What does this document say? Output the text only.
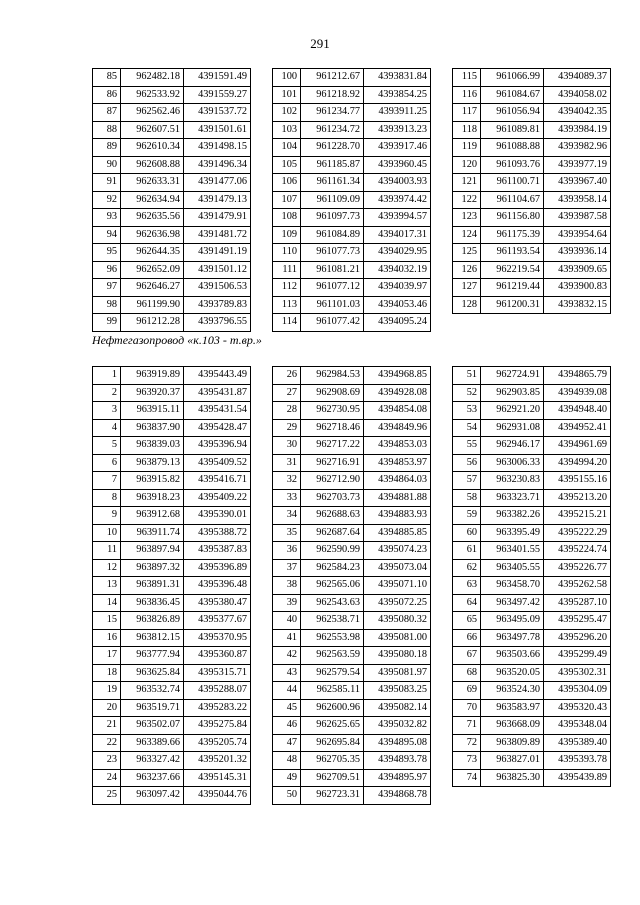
291
Нефтегазопровод «к.103 - т.вр.»
85	962482.18	4391591.49
86	962533.92	4391559.27
87	962562.46	4391537.72
88	962607.51	4391501.61
89	962610.34	4391498.15
90	962608.88	4391496.34
91	962633.31	4391477.06
92	962634.94	4391479.13
93	962635.56	4391479.91
94	962636.98	4391481.72
95	962644.35	4391491.19
96	962652.09	4391501.12
97	962646.27	4391506.53
98	961199.90	4393789.83
99	961212.28	4393796.55
100	961212.67	4393831.84
101	961218.92	4393854.25
102	961234.77	4393911.25
103	961234.72	4393913.23
104	961228.70	4393917.46
105	961185.87	4393960.45
106	961161.34	4394003.93
107	961109.09	4393974.42
108	961097.73	4393994.57
109	961084.89	4394017.31
110	961077.73	4394029.95
111	961081.21	4394032.19
112	961077.12	4394039.97
113	961101.03	4394053.46
114	961077.42	4394095.24
115	961066.99	4394089.37
116	961084.67	4394058.02
117	961056.94	4394042.35
118	961089.81	4393984.19
119	961088.88	4393982.96
120	961093.76	4393977.19
121	961100.71	4393967.40
122	961104.67	4393958.14
123	961156.80	4393987.58
124	961175.39	4393954.64
125	961193.54	4393936.14
126	962219.54	4393909.65
127	961219.44	4393900.83
128	961200.31	4393832.15
1	963919.89	4395443.49
2	963920.37	4395431.87
3	963915.11	4395431.54
4	963837.90	4395428.47
5	963839.03	4395396.94
6	963879.13	4395409.52
7	963915.82	4395416.71
8	963918.23	4395409.22
9	963912.68	4395390.01
10	963911.74	4395388.72
11	963897.94	4395387.83
12	963897.32	4395396.89
13	963891.31	4395396.48
14	963836.45	4395380.47
15	963826.89	4395377.67
16	963812.15	4395370.95
17	963777.94	4395360.87
18	963625.84	4395315.71
19	963532.74	4395288.07
20	963519.71	4395283.22
21	963502.07	4395275.84
22	963389.66	4395205.74
23	963327.42	4395201.32
24	963237.66	4395145.31
25	963097.42	4395044.76
26	962984.53	4394968.85
27	962908.69	4394928.08
28	962730.95	4394854.08
29	962718.46	4394849.96
30	962717.22	4394853.03
31	962716.91	4394853.97
32	962712.90	4394864.03
33	962703.73	4394881.88
34	962688.63	4394883.93
35	962687.64	4394885.85
36	962590.99	4395074.23
37	962584.23	4395073.04
38	962565.06	4395071.10
39	962543.63	4395072.25
40	962538.71	4395080.32
41	962553.98	4395081.00
42	962563.59	4395080.18
43	962579.54	4395081.97
44	962585.11	4395083.25
45	962600.96	4395082.14
46	962625.65	4395032.82
47	962695.84	4394895.08
48	962705.35	4394893.78
49	962709.51	4394895.97
50	962723.31	4394868.78
51	962724.91	4394865.79
52	962903.85	4394939.08
53	962921.20	4394948.40
54	962931.08	4394952.41
55	962946.17	4394961.69
56	963006.33	4394994.20
57	963230.83	4395155.16
58	963323.71	4395213.20
59	963382.26	4395215.21
60	963395.49	4395222.29
61	963401.55	4395224.74
62	963405.55	4395226.77
63	963458.70	4395262.58
64	963497.42	4395287.10
65	963495.09	4395295.47
66	963497.78	4395296.20
67	963503.66	4395299.49
68	963520.05	4395302.31
69	963524.30	4395304.09
70	963583.97	4395320.43
71	963668.09	4395348.04
72	963809.89	4395389.40
73	963827.01	4395393.78
74	963825.30	4395439.89
